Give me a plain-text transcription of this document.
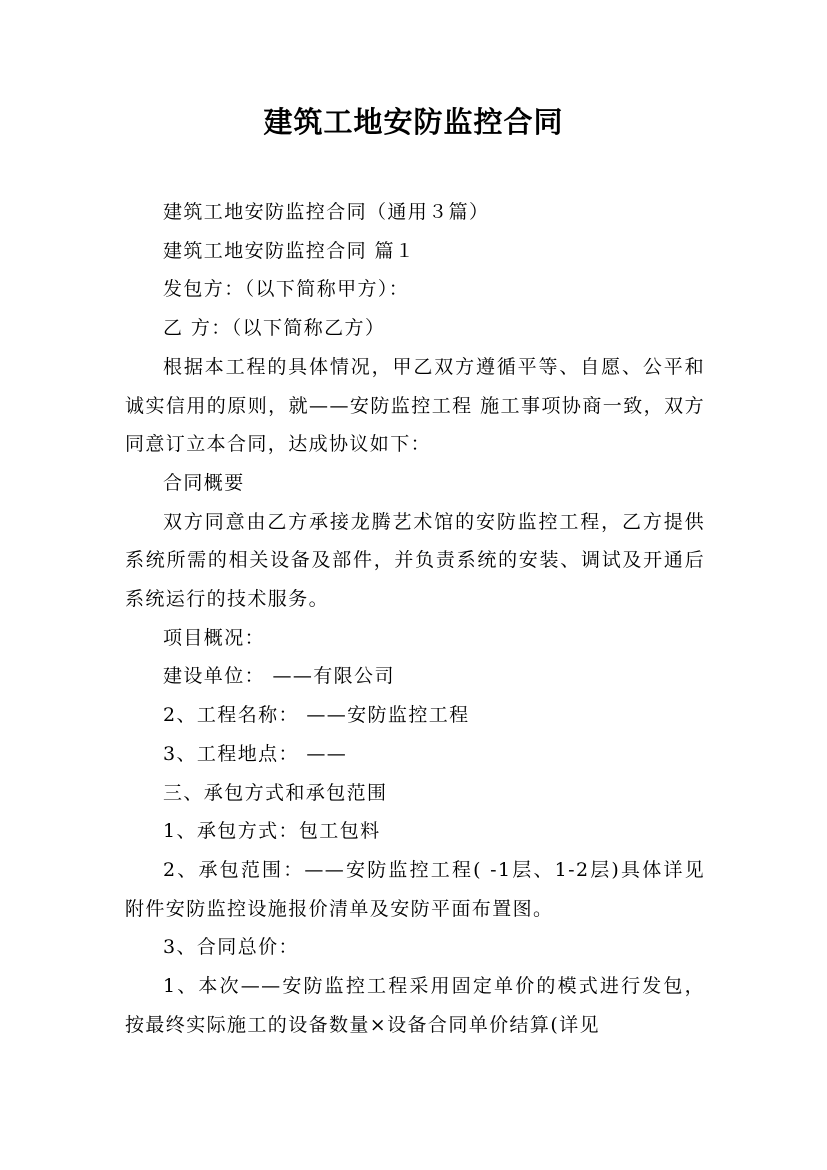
建筑工地安防监控合同

建筑工地安防监控合同（通用３篇）

建筑工地安防监控合同 篇１

发包方：（以下简称甲方）：

乙 方：（以下简称乙方）

根据本工程的具体情况，甲乙双方遵循平等、自愿、公平和诚实信用的原则，就——安防监控工程 施工事项协商一致，双方同意订立本合同，达成协议如下：

合同概要

双方同意由乙方承接龙腾艺术馆的安防监控工程，乙方提供系统所需的相关设备及部件，并负责系统的安装、调试及开通后系统运行的技术服务。

项目概况：

建设单位： ——有限公司

2、工程名称： ——安防监控工程

3、工程地点： ——

三、承包方式和承包范围

1、承包方式：包工包料

2、承包范围：——安防监控工程( -1层、1-2层)具体详见附件安防监控设施报价清单及安防平面布置图。

3、合同总价：

1、本次——安防监控工程采用固定单价的模式进行发包，按最终实际施工的设备数量×设备合同单价结算(详见
